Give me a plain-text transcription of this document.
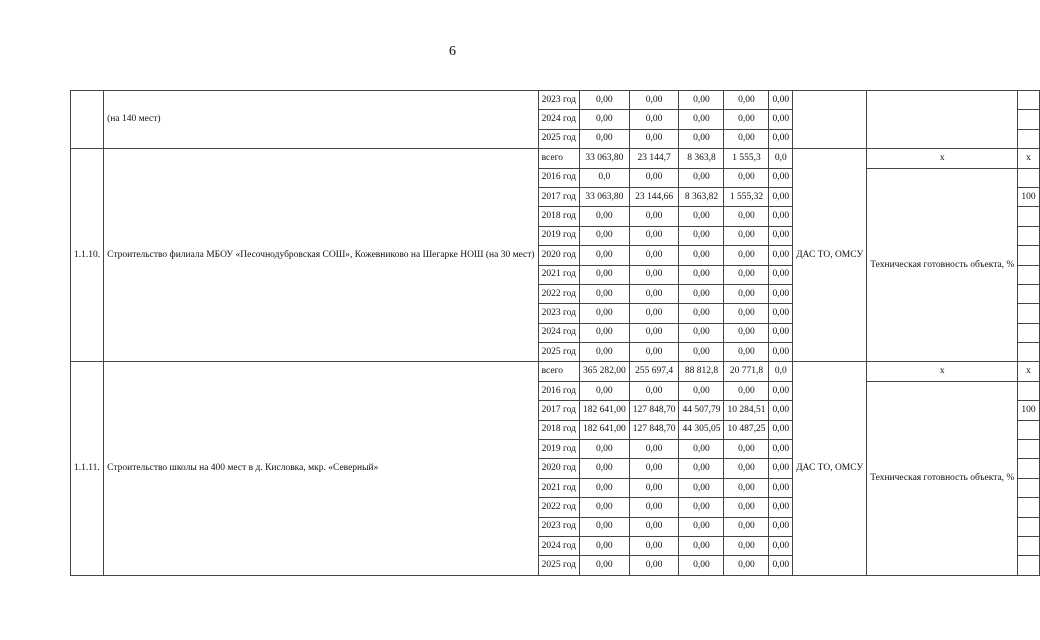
6
	(на 140 мест)	2023 год	0,00	0,00	0,00	0,00	0,00			
		2024 год	0,00	0,00	0,00	0,00	0,00			
		2025 год	0,00	0,00	0,00	0,00	0,00			
1.1.10.	Строительство филиала МБОУ «Песочнодубровская СОШ», Кожевниково на Шегарке НОШ (на 30 мест)	всего	33 063,80	23 144,7	8 363,8	1 555,3	0,0	ДАС ТО, ОМСУ	x	x
		2016 год	0,0	0,00	0,00	0,00	0,00		Техническая готовность объекта, %	
		2017 год	33 063,80	23 144,66	8 363,82	1 555,32	0,00			100
		2018 год	0,00	0,00	0,00	0,00	0,00			
		2019 год	0,00	0,00	0,00	0,00	0,00			
		2020 год	0,00	0,00	0,00	0,00	0,00			
		2021 год	0,00	0,00	0,00	0,00	0,00			
		2022 год	0,00	0,00	0,00	0,00	0,00			
		2023 год	0,00	0,00	0,00	0,00	0,00			
		2024 год	0,00	0,00	0,00	0,00	0,00			
		2025 год	0,00	0,00	0,00	0,00	0,00			
1.1.11.	Строительство школы на 400 мест в д. Кисловка, мкр. «Северный»	всего	365 282,00	255 697,4	88 812,8	20 771,8	0,0	ДАС ТО, ОМСУ	x	x
		2016 год	0,00	0,00	0,00	0,00	0,00		Техническая готовность объекта, %	
		2017 год	182 641,00	127 848,70	44 507,79	10 284,51	0,00			100
		2018 год	182 641,00	127 848,70	44 305,05	10 487,25	0,00			
		2019 год	0,00	0,00	0,00	0,00	0,00			
		2020 год	0,00	0,00	0,00	0,00	0,00			
		2021 год	0,00	0,00	0,00	0,00	0,00			
		2022 год	0,00	0,00	0,00	0,00	0,00			
		2023 год	0,00	0,00	0,00	0,00	0,00			
		2024 год	0,00	0,00	0,00	0,00	0,00			
		2025 год	0,00	0,00	0,00	0,00	0,00			
